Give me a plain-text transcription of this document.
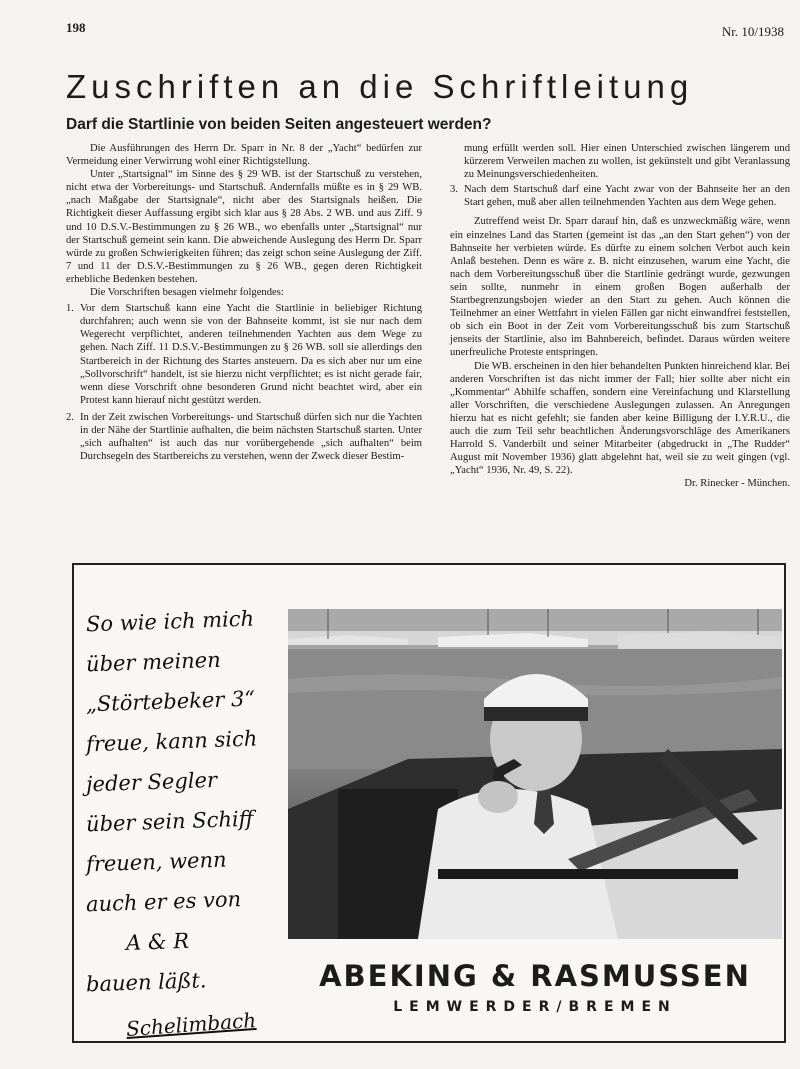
198	Nr. 10/1938
Zuschriften an die Schriftleitung
Darf die Startlinie von beiden Seiten angesteuert werden?

Die Ausführungen des Herrn Dr. Sparr in Nr. 8 der „Yacht“ bedürfen zur Vermeidung einer Verwirrung wohl einer Richtigstellung.

Unter „Startsignal“ im Sinne des § 29 WB. ist der Startschuß zu verstehen, nicht etwa der Vorbereitungs- und Startschuß. Andernfalls müßte es in § 29 WB. „nach Maßgabe der Startsignale“, nicht aber des Startsignals heißen. Die Richtigkeit dieser Auffassung ergibt sich klar aus § 28 Abs. 2 WB. und aus Ziff. 9 und 10 D.S.V.-Bestimmungen zu § 26 WB., wo ebenfalls unter „Startsignal“ nur der Startschuß gemeint sein kann. Die abweichende Auslegung des Herrn Dr. Sparr würde zu großen Schwierigkeiten führen; das zeigt schon seine Auslegung der Ziff. 7 und 11 der D.S.V.-Bestimmungen zu § 26 WB., gegen deren Richtigkeit erhebliche Bedenken bestehen.

Die Vorschriften besagen vielmehr folgendes:

1. Vor dem Startschuß kann eine Yacht die Startlinie in beliebiger Richtung durchfahren; auch wenn sie von der Bahnseite kommt, ist sie nur nach dem Wegerecht verpflichtet, anderen teilnehmenden Yachten aus dem Wege zu gehen. Nach Ziff. 11 D.S.V.-Bestimmungen zu § 26 WB. soll sie allerdings den Startbereich in der Richtung des Startes ansteuern. Da es sich aber nur um eine „Sollvorschrift“ handelt, ist sie hierzu nicht verpflichtet; es ist nicht gerade fair, wenn diese Vorschrift ohne besonderen Grund nicht beachtet wird, aber ein Protest kann hierauf nicht gestützt werden.
2. In der Zeit zwischen Vorbereitungs- und Startschuß dürfen sich nur die Yachten in der Nähe der Startlinie aufhalten, die beim nächsten Startschuß starten. Unter „sich aufhalten“ ist auch das nur vorübergehende „sich aufhalten“ beim Durchsegeln des Startbereichs zu verstehen, wenn der Zweck dieser Bestim-

mung erfüllt werden soll. Hier einen Unterschied zwischen längerem und kürzerem Verweilen machen zu wollen, ist gekünstelt und gibt Veranlassung zu Meinungsverschiedenheiten.

3. Nach dem Startschuß darf eine Yacht zwar von der Bahnseite her an den Start gehen, muß aber allen teilnehmenden Yachten aus dem Wege gehen.

Zutreffend weist Dr. Sparr darauf hin, daß es unzweckmäßig wäre, wenn ein einzelnes Land das Starten (gemeint ist das „an den Start gehen“) von der Bahnseite her verbieten würde. Es dürfte zu einem solchen Verbot auch kein Anlaß bestehen. Denn es wäre z. B. nicht einzusehen, warum eine Yacht, die nach dem Vorbereitungsschuß über die Startlinie gedrängt wurde, gezwungen sein sollte, nunmehr in einem großen Bogen außerhalb der Startbegrenzungsbojen wieder an den Start zu gehen. Auch können die Teilnehmer an einer Wettfahrt in vielen Fällen gar nicht einwandfrei feststellen, ob sich ein Boot in der Zeit vom Vorbereitungsschuß bis zum Startschuß jenseits der Startlinie, also im Bahnbereich, befindet. Daraus würden weitere unerfreuliche Proteste entspringen.

Die WB. erscheinen in den hier behandelten Punkten hinreichend klar. Bei anderen Vorschriften ist das nicht immer der Fall; hier sollte aber nicht ein „Kommentar“ Abhilfe schaffen, sondern eine Vereinfachung und Klarstellung aller Vorschriften, die verschiedene Auslegungen zulassen. An Anregungen hierzu hat es nicht gefehlt; sie fanden aber keine Billigung der I.Y.R.U., die auch die zum Teil sehr beachtlichen Änderungsvorschläge des Amerikaners Harrold S. Vanderbilt und seiner Mitarbeiter (abgedruckt in „The Rudder“ August mit November 1936) glatt abgelehnt hat, weil sie zu weit gingen (vgl. „Yacht“ 1936, Nr. 49, S. 22).

Dr. Rinecker - München.

So wie ich mich
über meinen
„Störtebeker 3“
freue, kann sich
jeder Segler
über sein Schiff
freuen, wenn
auch er es von
A & R
bauen läßt.
Schelimbach
ABEKING & RASMUSSEN
LEMWERDER/BREMEN
